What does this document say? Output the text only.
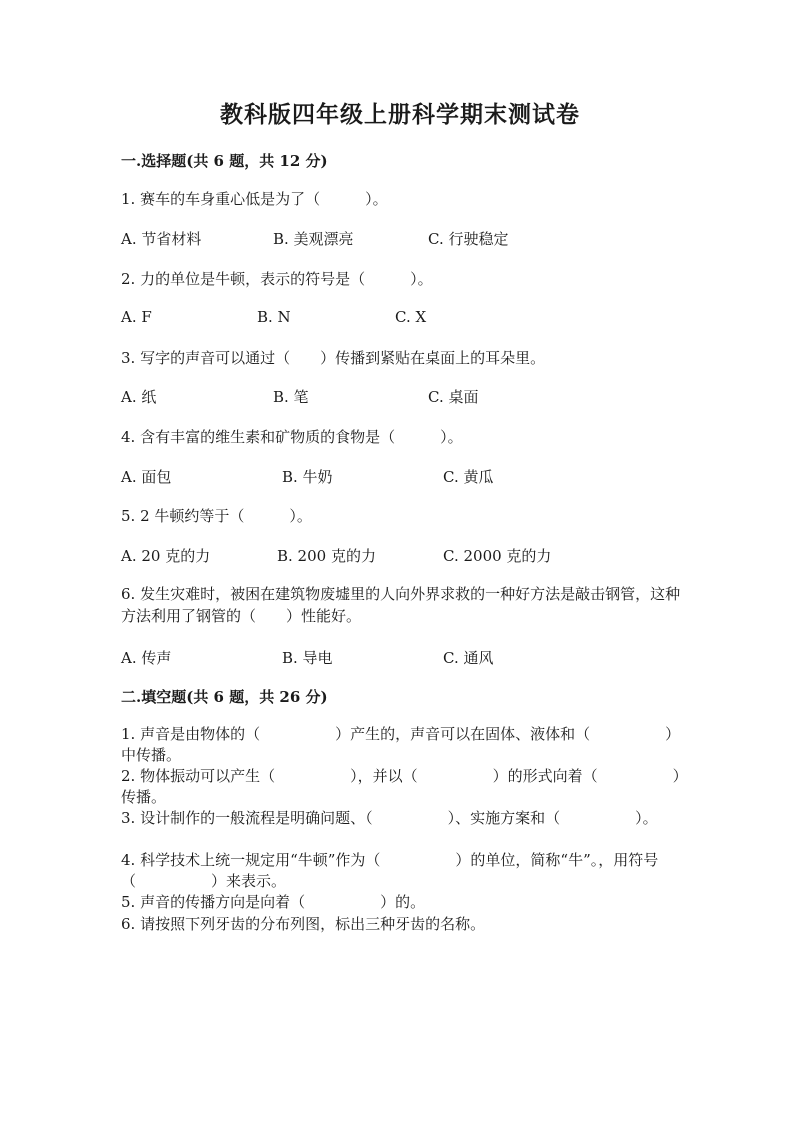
教科版四年级上册科学期末测试卷
一.选择题(共 6 题，共 12 分)
1. 赛车的车身重心低是为了（　　　）。
A. 节省材料	B. 美观漂亮	C. 行驶稳定
2. 力的单位是牛顿，表示的符号是（　　　）。
A. F	B. N	C. X
3. 写字的声音可以通过（　　）传播到紧贴在桌面上的耳朵里。
A. 纸	B. 笔	C. 桌面
4. 含有丰富的维生素和矿物质的食物是（　　　）。
A. 面包	B. 牛奶	C. 黄瓜
5. 2 牛顿约等于（　　　）。
A. 20 克的力	B. 200 克的力	C. 2000 克的力
6. 发生灾难时，被困在建筑物废墟里的人向外界求救的一种好方法是敲击钢管，这种方法利用了钢管的（　　）性能好。
A. 传声	B. 导电	C. 通风
二.填空题(共 6 题，共 26 分)
1. 声音是由物体的（　　　　　）产生的，声音可以在固体、液体和（　　　　　）中传播。
2. 物体振动可以产生（　　　　　），并以（　　　　　）的形式向着（　　　　　）传播。
3. 设计制作的一般流程是明确问题、（　　　　　）、实施方案和（　　　　　）。
4. 科学技术上统一规定用“牛顿”作为（　　　　　）的单位，简称“牛”。，用符号（　　　　　）来表示。
5. 声音的传播方向是向着（　　　　　）的。
6. 请按照下列牙齿的分布列图，标出三种牙齿的名称。
